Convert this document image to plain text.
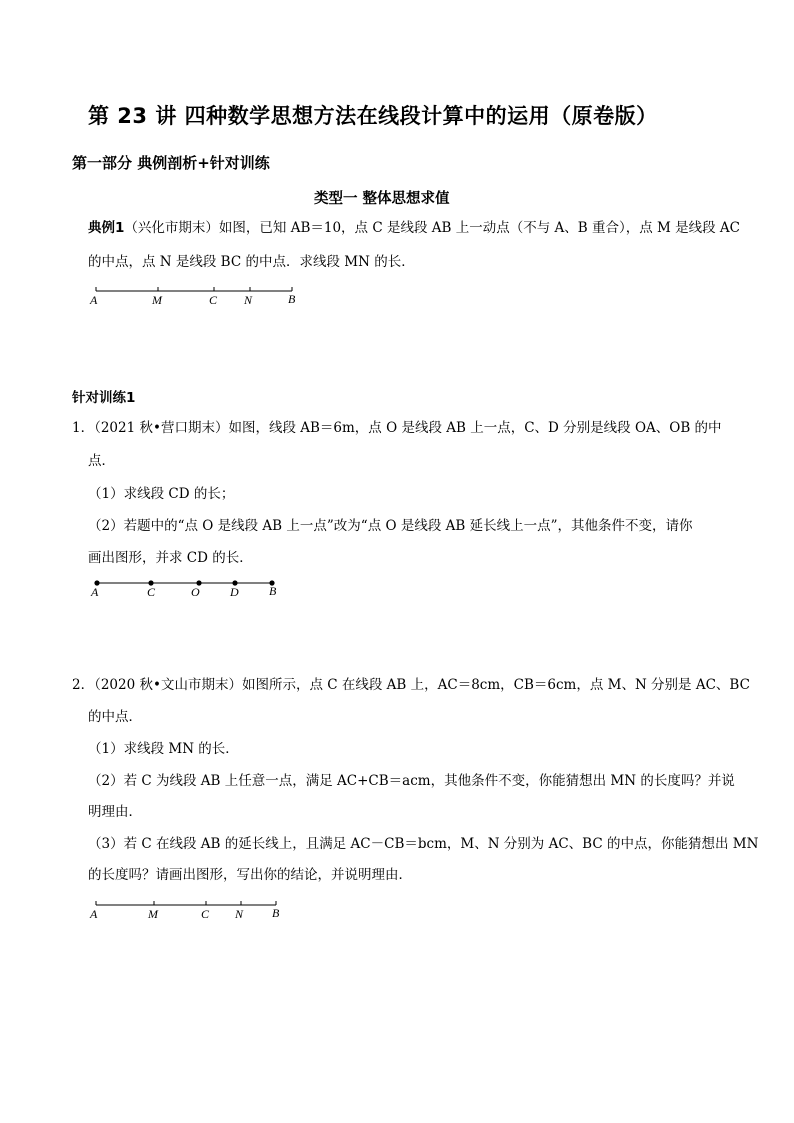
第 23 讲 四种数学思想方法在线段计算中的运用（原卷版）
第一部分 典例剖析+针对训练
类型一 整体思想求值
典例1（兴化市期末）如图，已知 AB＝10，点 C 是线段 AB 上一动点（不与 A、B 重合），点 M 是线段 AC
的中点，点 N 是线段 BC 的中点．求线段 MN 的长．
A	M	C N	B
针对训练1
1．（2021 秋•营口期末）如图，线段 AB＝6m，点 O 是线段 AB 上一点，C、D 分别是线段 OA、OB 的中
点．
（1）求线段 CD 的长；
（2）若题中的“点 O 是线段 AB 上一点”改为“点 O 是线段 AB 延长线上一点”，其他条件不变，请你
画出图形，并求 CD 的长．
A	C	O	D	B
2．（2020 秋•文山市期末）如图所示，点 C 在线段 AB 上，AC＝8cm，CB＝6cm，点 M、N 分别是 AC、BC
的中点．
（1）求线段 MN 的长．
（2）若 C 为线段 AB 上任意一点，满足 AC+CB＝acm，其他条件不变，你能猜想出 MN 的长度吗？并说
明理由．
（3）若 C 在线段 AB 的延长线上，且满足 AC－CB＝bcm，M、N 分别为 AC、BC 的中点，你能猜想出 MN
的长度吗？请画出图形，写出你的结论，并说明理由．
A	M	C N B
